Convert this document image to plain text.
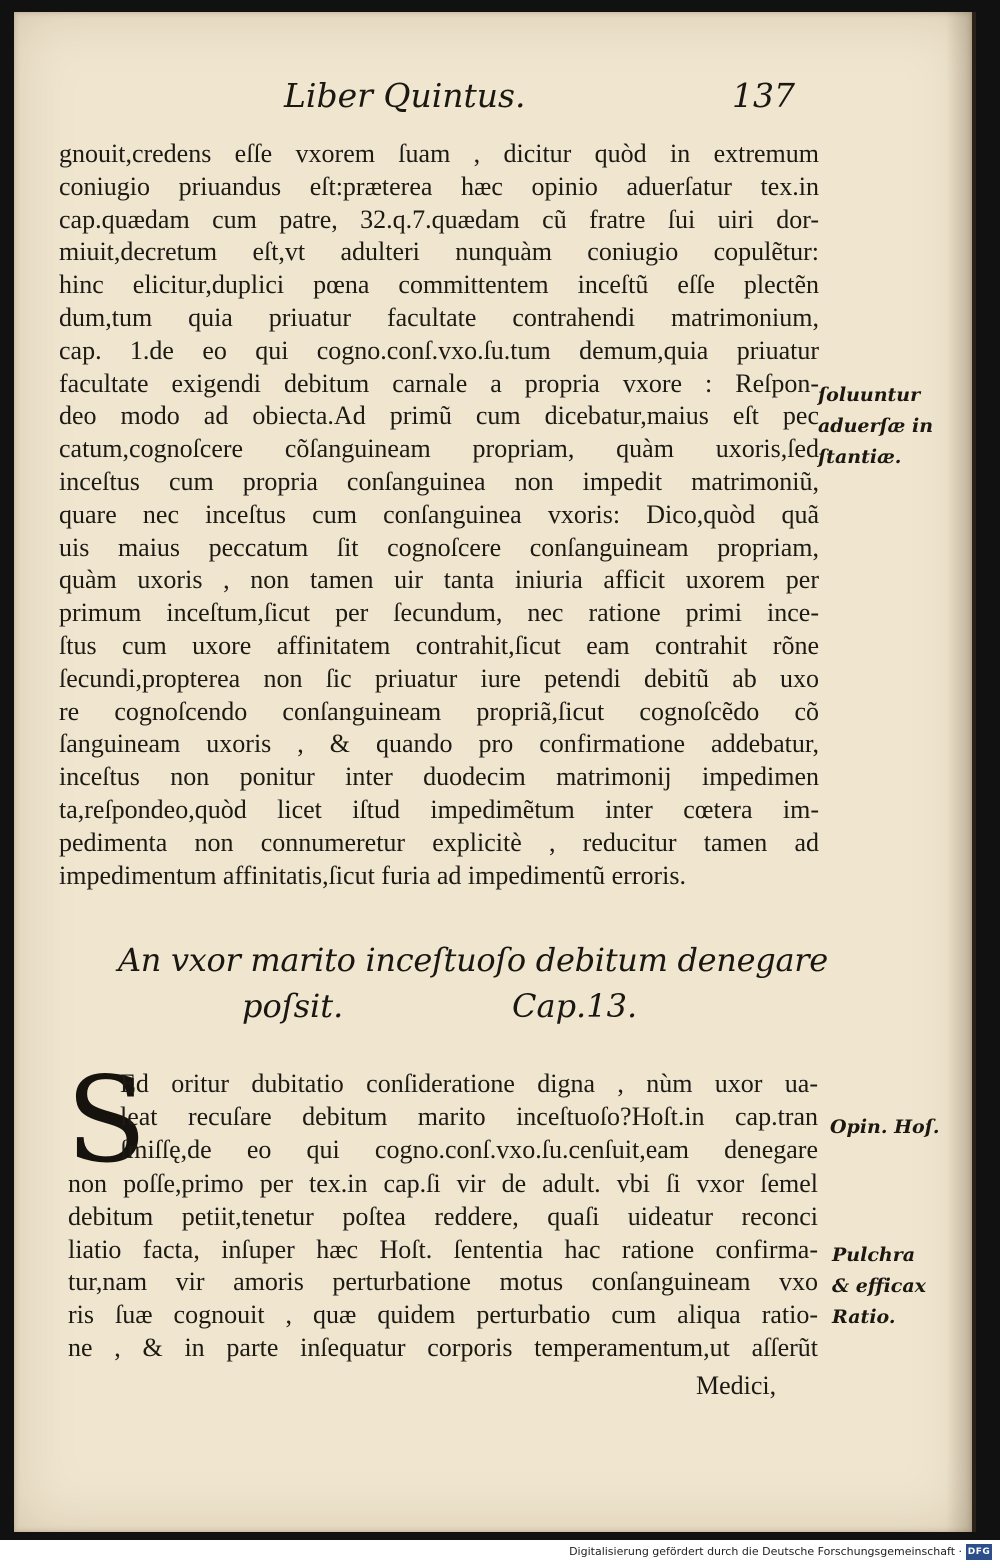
Liber Quintus.	137
gnouit,credens eſſe vxorem ſuam , dicitur quòd in extremum
coniugio priuandus eſt:præterea hæc opinio aduerſatur tex.in
cap.quædam cum patre, 32.q.7.quædam cũ fratre ſui uiri dor-
miuit,decretum eſt,vt adulteri nunquàm coniugio copulẽtur:
hinc elicitur,duplici pœna committentem inceſtũ eſſe plectẽn
dum,tum quia priuatur facultate contrahendi matrimonium,
cap. 1.de eo qui cogno.conſ.vxo.ſu.tum demum,quia priuatur
facultate exigendi debitum carnale a propria vxore : Reſpon-
deo modo ad obiecta.Ad primũ cum dicebatur,maius eſt pec
catum,cognoſcere cõſanguineam propriam, quàm uxoris,ſed
inceſtus cum propria conſanguinea non impedit matrimoniũ,
quare nec inceſtus cum conſanguinea vxoris: Dico,quòd quã
uis maius peccatum ſit cognoſcere conſanguineam propriam,
quàm uxoris , non tamen uir tanta iniuria afficit uxorem per
primum inceſtum,ſicut per ſecundum, nec ratione primi ince-
ſtus cum uxore affinitatem contrahit,ſicut eam contrahit rõne
ſecundi,propterea non ſic priuatur iure petendi debitũ ab uxo
re cognoſcendo conſanguineam propriã,ſicut cognoſcẽdo cõ
ſanguineam uxoris , & quando pro confirmatione addebatur,
inceſtus non ponitur inter duodecim matrimonij impedimen
ta,reſpondeo,quòd licet iſtud impedimẽtum inter cœtera im-
pedimenta non connumeretur explicitè , reducitur tamen ad
impedimentum affinitatis,ſicut furia ad impedimentũ erroris.
ſoluuntur
aduerſæ in
ſtantiæ.
An vxor marito inceſtuoſo debitum denegare
poſsit.	Cap.13.
S
Ed oritur dubitatio conſideratione digna , nùm uxor ua-
leat recuſare debitum marito inceſtuoſo?Hoſt.in cap.tran
ſmiſſę,de eo qui cogno.conſ.vxo.ſu.cenſuit,eam denegare
non poſſe,primo per tex.in cap.ſi vir de adult. vbi ſi vxor ſemel
debitum petiit,tenetur poſtea reddere, quaſi uideatur reconci
liatio facta, inſuper hæc Hoſt. ſententia hac ratione confirma-
tur,nam vir amoris perturbatione motus conſanguineam vxo
ris ſuæ cognouit , quæ quidem perturbatio cum aliqua ratio-
ne , & in parte inſequatur corporis temperamentum,ut aſſerũt
Medici,
Opin. Hoſ.
Pulchra
& efficax
Ratio.
Digitalisierung gefördert durch die Deutsche Forschungsgemeinschaft · DFG
